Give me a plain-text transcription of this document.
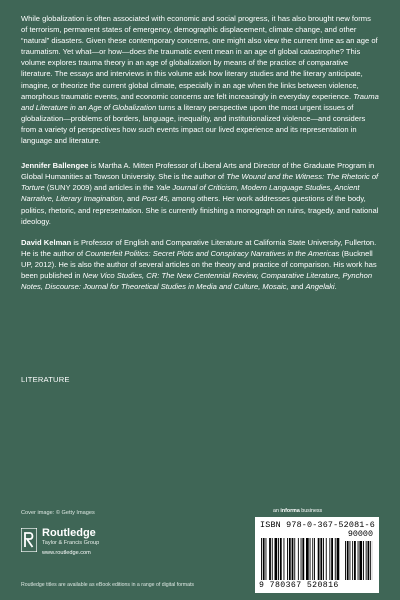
While globalization is often associated with economic and social progress, it has also brought new forms of terrorism, permanent states of emergency, demographic displacement, climate change, and other “natural” disasters. Given these contemporary concerns, one might also view the current time as an age of traumatism. Yet what—or how—does the traumatic event mean in an age of global catastrophe? This volume explores trauma theory in an age of globalization by means of the practice of comparative literature. The essays and interviews in this volume ask how literary studies and the literary anticipate, imagine, or theorize the current global climate, especially in an age when the links between violence, amorphous traumatic events, and economic concerns are felt increasingly in everyday experience. Trauma and Literature in an Age of Globalization turns a literary perspective upon the most urgent issues of globalization—problems of borders, language, inequality, and institutionalized violence—and considers from a variety of perspectives how such events impact our lived experience and its representation in language and literature.

Jennifer Ballengee is Martha A. Mitten Professor of Liberal Arts and Director of the Graduate Program in Global Humanities at Towson University. She is the author of The Wound and the Witness: The Rhetoric of Torture (SUNY 2009) and articles in the Yale Journal of Criticism, Modern Language Studies, Ancient Narrative, Literary Imagination, and Post 45, among others. Her work addresses questions of the body, politics, rhetoric, and representation. She is currently finishing a monograph on ruins, tragedy, and national ideology.

David Kelman is Professor of English and Comparative Literature at California State University, Fullerton. He is the author of Counterfeit Politics: Secret Plots and Conspiracy Narratives in the Americas (Bucknell UP, 2012). He is also the author of several articles on the theory and practice of comparison. His work has been published in New Vico Studies, CR: The New Centennial Review, Comparative Literature, Pynchon Notes, Discourse: Journal for Theoretical Studies in Media and Culture, Mosaic, and Angelaki.

LITERATURE
Cover image: © Getty Images
Routledge
Taylor & Francis Group
www.routledge.com
Routledge titles are available as eBook editions in a range of digital formats
an informa business
ISBN 978-0-367-52081-6
90000
9 780367 520816
